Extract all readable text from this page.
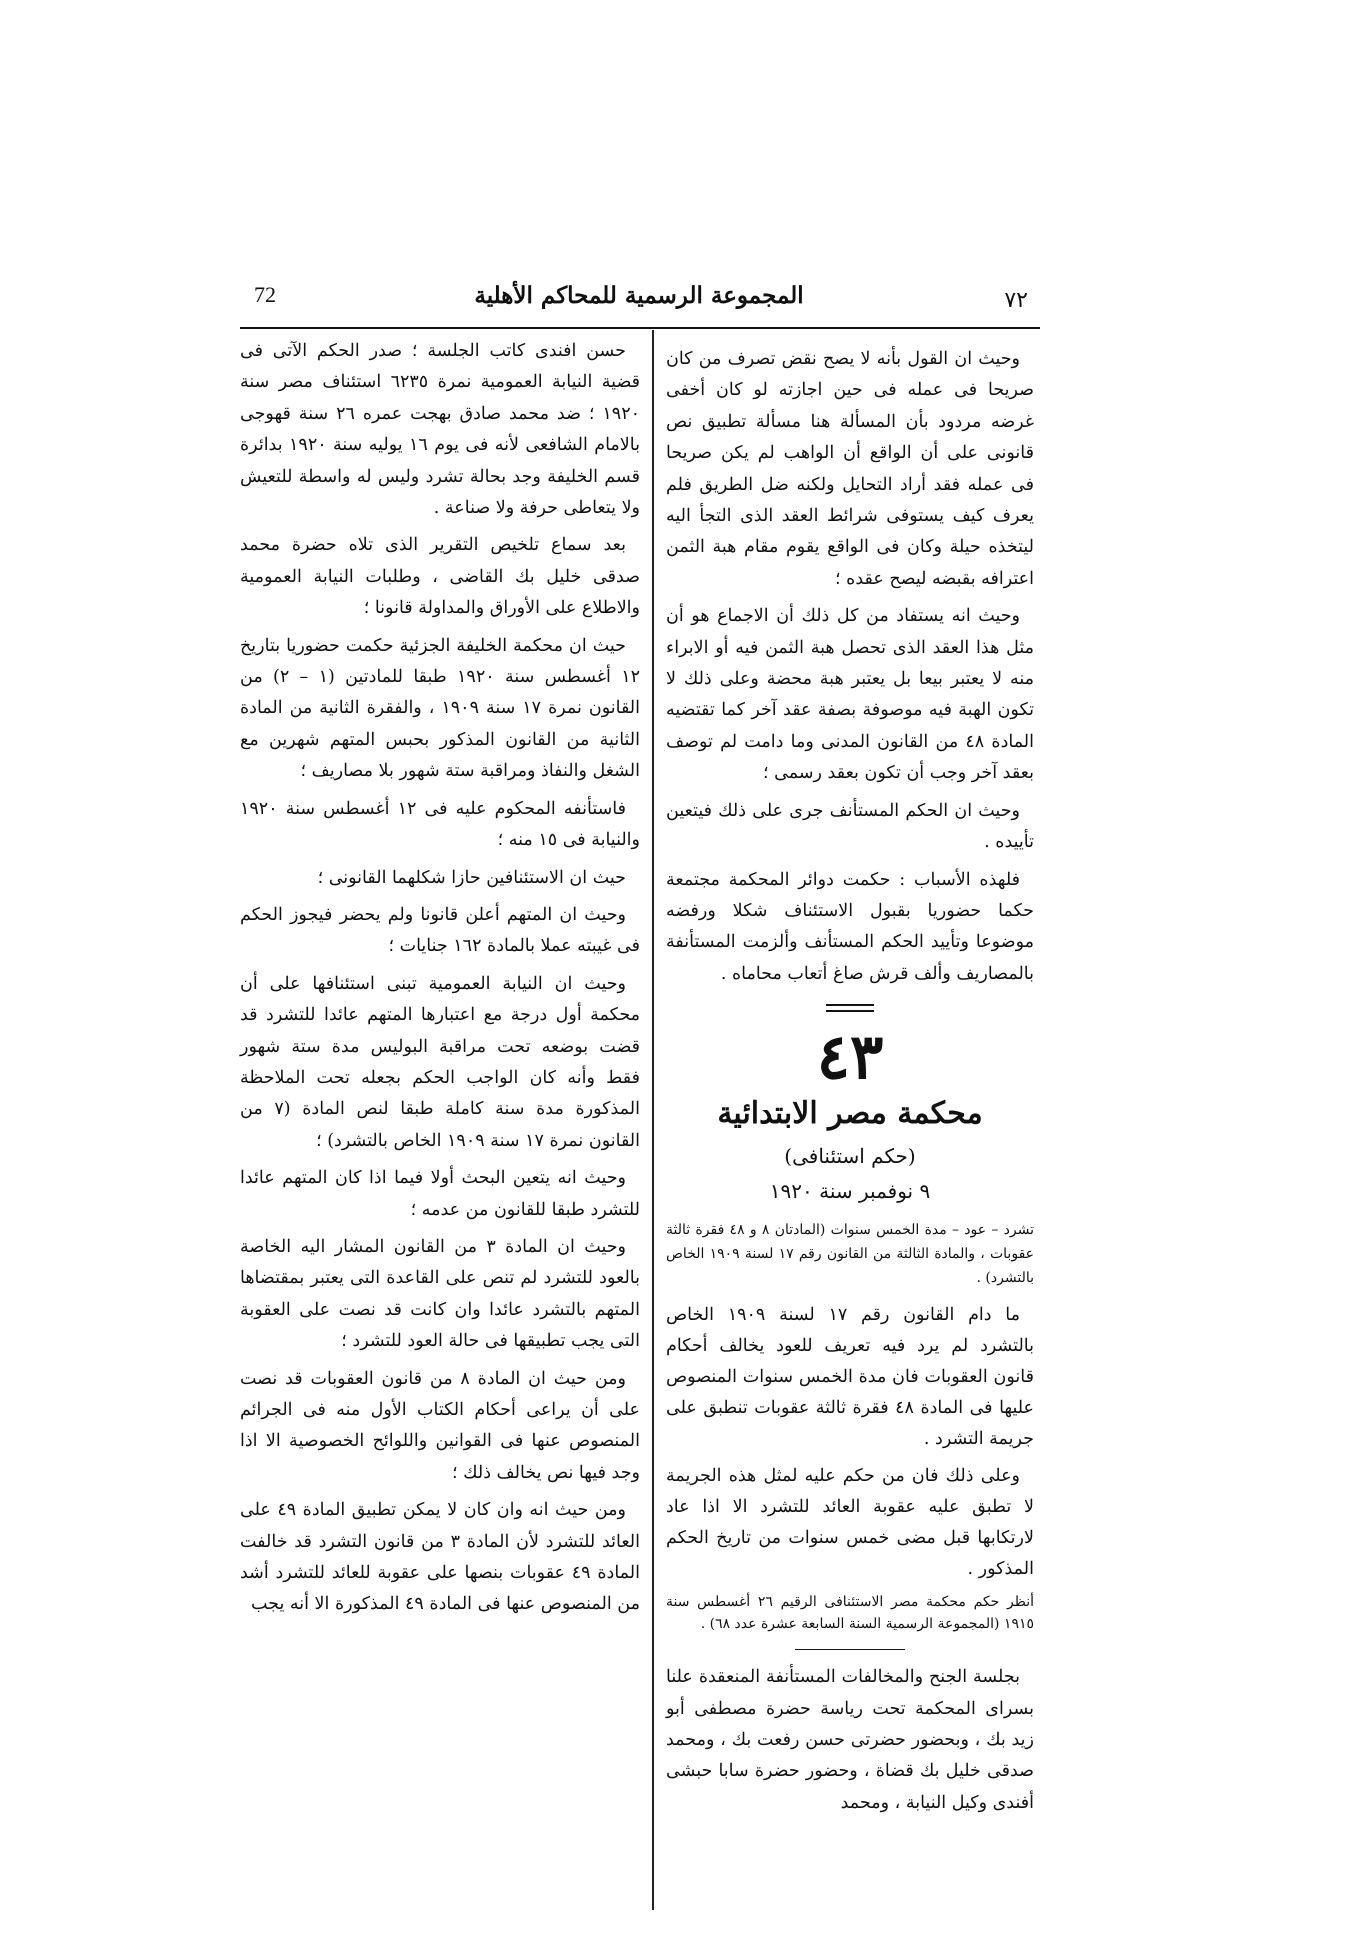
72	المجموعة الرسمية للمحاكم الأهلية	٧٢

وحيث ان القول بأنه لا يصح نقض تصرف من كان صريحا فى عمله فى حين اجازته لو كان أخفى غرضه مردود بأن المسألة هنا مسألة تطبيق نص قانونى على أن الواقع أن الواهب لم يكن صريحا فى عمله فقد أراد التحايل ولكنه ضل الطريق فلم يعرف كيف يستوفى شرائط العقد الذى التجأ اليه ليتخذه حيلة وكان فى الواقع يقوم مقام هبة الثمن اعترافه بقبضه ليصح عقده ؛

وحيث انه يستفاد من كل ذلك أن الاجماع هو أن مثل هذا العقد الذى تحصل هبة الثمن فيه أو الابراء منه لا يعتبر بيعا بل يعتبر هبة محضة وعلى ذلك لا تكون الهبة فيه موصوفة بصفة عقد آخر كما تقتضيه المادة ٤٨ من القانون المدنى وما دامت لم توصف بعقد آخر وجب أن تكون بعقد رسمى ؛

وحيث ان الحكم المستأنف جرى على ذلك فيتعين تأييده .

فلهذه الأسباب : حكمت دوائر المحكمة مجتمعة حكما حضوريا بقبول الاستئناف شكلا ورفضه موضوعا وتأييد الحكم المستأنف وألزمت المستأنفة بالمصاريف وألف قرش صاغ أتعاب محاماه .

٤٣
محكمة مصر الابتدائية
(حكم استئنافى)
٩ نوفمبر سنة ١٩٢٠
تشرد – عود – مدة الخمس سنوات (المادتان ٨ و ٤٨ فقرة ثالثة عقوبات ، والمادة الثالثة من القانون رقم ١٧ لسنة ١٩٠٩ الخاص بالتشرد) .

ما دام القانون رقم ١٧ لسنة ١٩٠٩ الخاص بالتشرد لم يرد فيه تعريف للعود يخالف أحكام قانون العقوبات فان مدة الخمس سنوات المنصوص عليها فى المادة ٤٨ فقرة ثالثة عقوبات تنطبق على جريمة التشرد .

وعلى ذلك فان من حكم عليه لمثل هذه الجريمة لا تطبق عليه عقوبة العائد للتشرد الا اذا عاد لارتكابها قبل مضى خمس سنوات من تاريخ الحكم المذكور .

أنظر حكم محكمة مصر الاستئنافى الرقيم ٢٦ أغسطس سنة ١٩١٥ (المجموعة الرسمية السنة السابعة عشرة عدد ٦٨) .

بجلسة الجنح والمخالفات المستأنفة المنعقدة علنا بسراى المحكمة تحت رياسة حضرة مصطفى أبو زيد بك ، وبحضور حضرتى حسن رفعت بك ، ومحمد صدقى خليل بك قضاة ، وحضور حضرة سابا حبشى أفندى وكيل النيابة ، ومحمد

حسن افندى كاتب الجلسة ؛ صدر الحكم الآتى فى قضية النيابة العمومية نمرة ٦٢٣٥ استئناف مصر سنة ١٩٢٠ ؛ ضد محمد صادق بهجت عمره ٢٦ سنة قهوجى بالامام الشافعى لأنه فى يوم ١٦ يوليه سنة ١٩٢٠ بدائرة قسم الخليفة وجد بحالة تشرد وليس له واسطة للتعيش ولا يتعاطى حرفة ولا صناعة .

بعد سماع تلخيص التقرير الذى تلاه حضرة محمد صدقى خليل بك القاضى ، وطلبات النيابة العمومية والاطلاع على الأوراق والمداولة قانونا ؛

حيث ان محكمة الخليفة الجزئية حكمت حضوريا بتاريخ ١٢ أغسطس سنة ١٩٢٠ طبقا للمادتين (١ – ٢) من القانون نمرة ١٧ سنة ١٩٠٩ ، والفقرة الثانية من المادة الثانية من القانون المذكور بحبس المتهم شهرين مع الشغل والنفاذ ومراقبة ستة شهور بلا مصاريف ؛

فاستأنفه المحكوم عليه فى ١٢ أغسطس سنة ١٩٢٠ والنيابة فى ١٥ منه ؛

حيث ان الاستئنافين حازا شكلهما القانونى ؛

وحيث ان المتهم أعلن قانونا ولم يحضر فيجوز الحكم فى غيبته عملا بالمادة ١٦٢ جنايات ؛

وحيث ان النيابة العمومية تبنى استئنافها على أن محكمة أول درجة مع اعتبارها المتهم عائدا للتشرد قد قضت بوضعه تحت مراقبة البوليس مدة ستة شهور فقط وأنه كان الواجب الحكم بجعله تحت الملاحظة المذكورة مدة سنة كاملة طبقا لنص المادة (٧ من القانون نمرة ١٧ سنة ١٩٠٩ الخاص بالتشرد) ؛

وحيث انه يتعين البحث أولا فيما اذا كان المتهم عائدا للتشرد طبقا للقانون من عدمه ؛

وحيث ان المادة ٣ من القانون المشار اليه الخاصة بالعود للتشرد لم تنص على القاعدة التى يعتبر بمقتضاها المتهم بالتشرد عائدا وان كانت قد نصت على العقوبة التى يجب تطبيقها فى حالة العود للتشرد ؛

ومن حيث ان المادة ٨ من قانون العقوبات قد نصت على أن يراعى أحكام الكتاب الأول منه فى الجرائم المنصوص عنها فى القوانين واللوائح الخصوصية الا اذا وجد فيها نص يخالف ذلك ؛

ومن حيث انه وان كان لا يمكن تطبيق المادة ٤٩ على العائد للتشرد لأن المادة ٣ من قانون التشرد قد خالفت المادة ٤٩ عقوبات بنصها على عقوبة للعائد للتشرد أشد من المنصوص عنها فى المادة ٤٩ المذكورة الا أنه يجب
